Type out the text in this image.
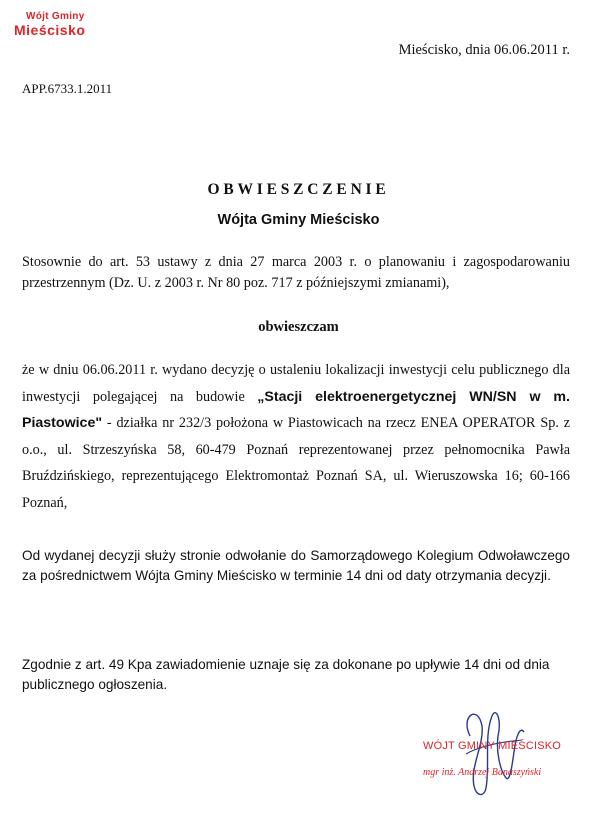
Wójt Gminy
Mieścisko
Mieścisko, dnia 06.06.2011 r.
APP.6733.1.2011
OBWIESZCZENIE
Wójta Gminy Mieścisko
Stosownie do art. 53 ustawy z dnia 27 marca 2003 r. o planowaniu i zagospodarowaniu przestrzennym (Dz. U. z 2003 r. Nr 80 poz. 717 z późniejszymi zmianami),
obwieszczam
że w dniu 06.06.2011 r. wydano decyzję o ustaleniu lokalizacji inwestycji celu publicznego dla inwestycji polegającej na budowie „Stacji elektroenergetycznej WN/SN w m. Piastowice" - działka nr 232/3 położona w Piastowicach na rzecz ENEA OPERATOR Sp. z o.o., ul. Strzeszyńska 58, 60-479 Poznań reprezentowanej przez pełnomocnika Pawła Bruździńskiego, reprezentującego Elektromontaż Poznań SA, ul. Wieruszowska 16; 60-166 Poznań,
Od wydanej decyzji służy stronie odwołanie do Samorządowego Kolegium Odwoławczego za pośrednictwem Wójta Gminy Mieścisko w terminie 14 dni od daty otrzymania decyzji.
Zgodnie z art. 49 Kpa zawiadomienie uznaje się za dokonane po upływie 14 dni od dnia publicznego ogłoszenia.
WÓJT GMINY MIEŚCISKO
mgr inż. Andrzej Banaszyński
